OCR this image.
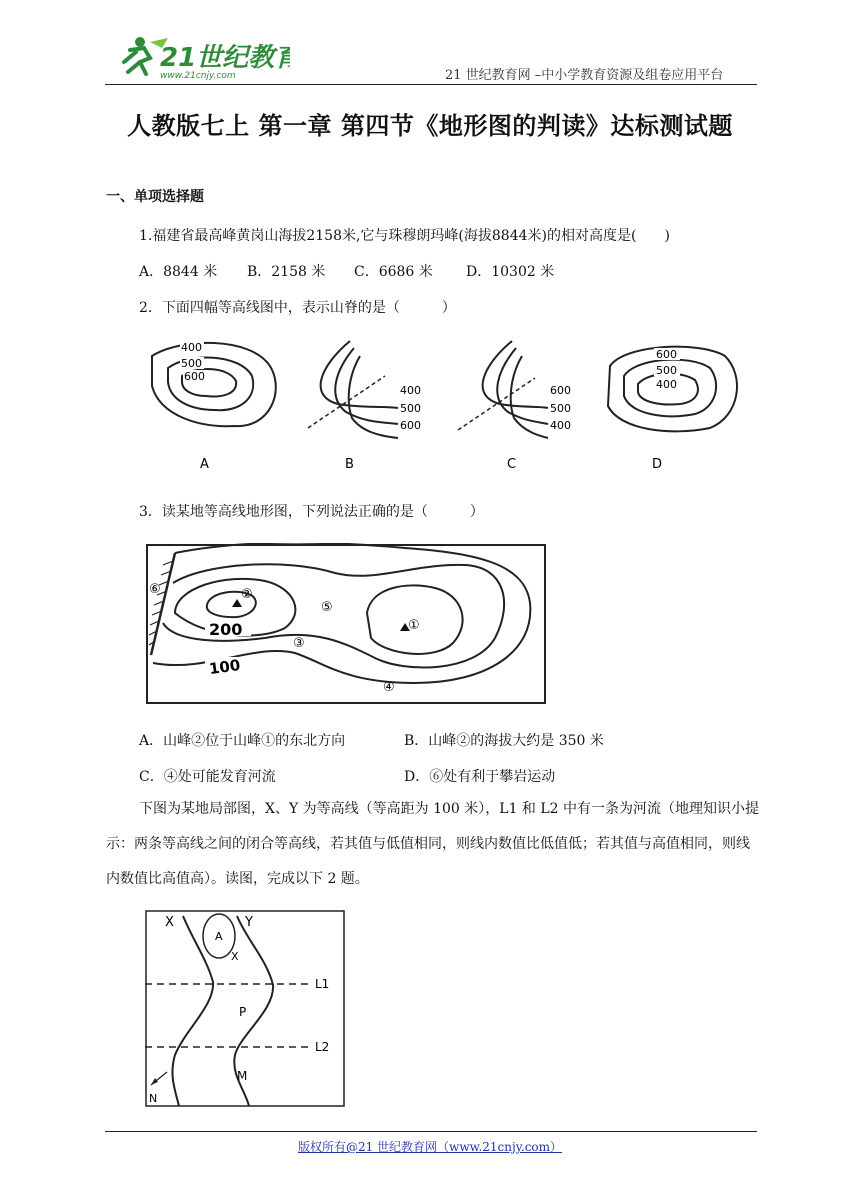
21世纪教育
www.21cnjy.com	21 世纪教育网 –中小学教育资源及组卷应用平台
人教版七上 第一章 第四节《地形图的判读》达标测试题
一、单项选择题
1.福建省最高峰黄岗山海拔2158米,它与珠穆朗玛峰(海拔8844米)的相对高度是(　　)
A．8844 米 B．2158 米 C．6686 米 D．10302 米
2．下面四幅等高线图中，表示山脊的是（　　　）
400
500
600
A
400
500
600
B
600
500
400
C
600
500
400
D
3．读某地等高线地形图，下列说法正确的是（　　　）
200
100
①
②
③
④
⑤
⑥
A．山峰②位于山峰①的东北方向	B．山峰②的海拔大约是 350 米
C．④处可能发育河流	D．⑥处有利于攀岩运动
下图为某地局部图，X、Y 为等高线（等高距为 100 米），L1 和 L2 中有一条为河流（地理知识小提示：两条等高线之间的闭合等高线，若其值与低值相同，则线内数值比低值低；若其值与高值相同，则线内数值比高值高）。读图，完成以下 2 题。
X	Y
A
X
L1
L2
P
M
N
版权所有@21 世纪教育网（www.21cnjy.com）
